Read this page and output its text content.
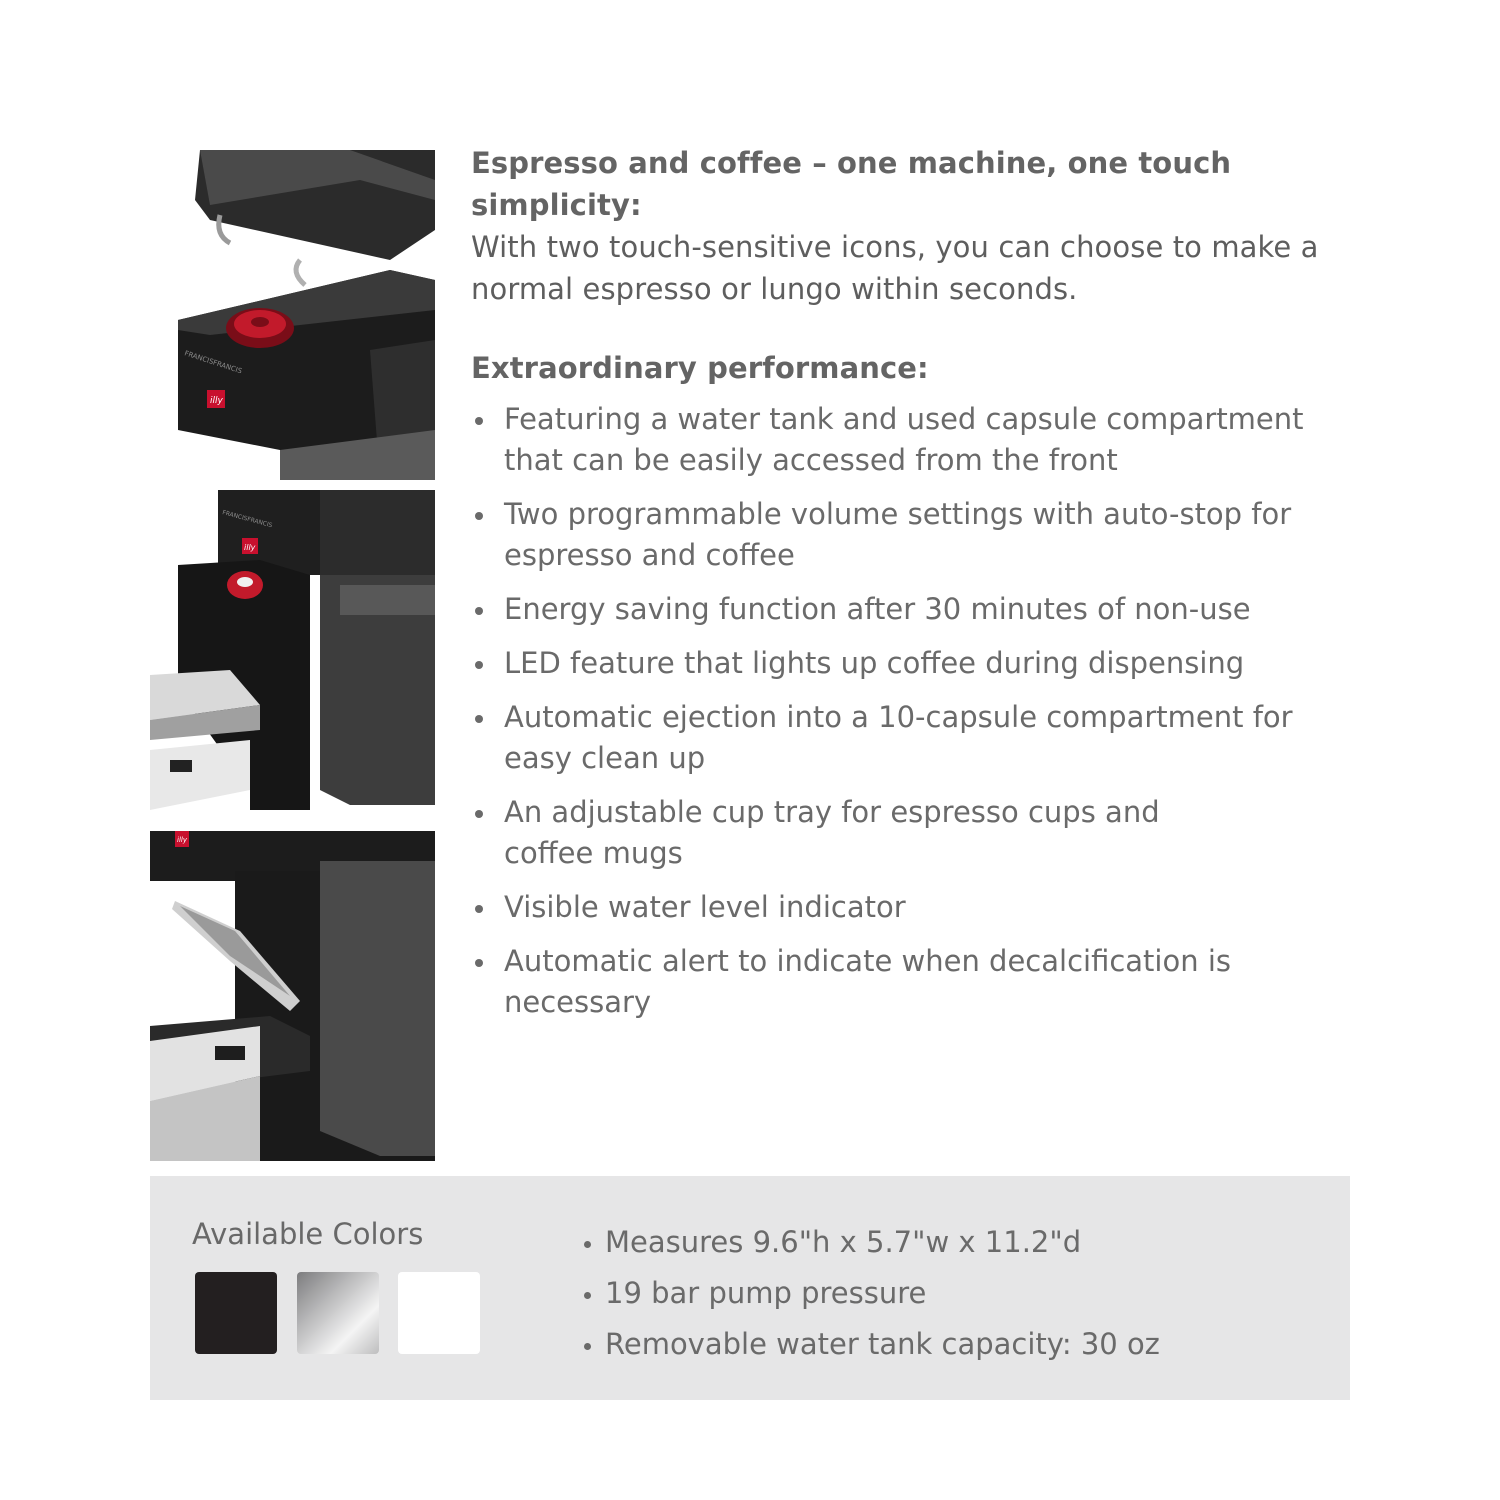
FRANCISFRANCIS
illy
illy
FRANCISFRANCIS
illy

Espresso and coffee – one machine, one touch simplicity:

With two touch-sensitive icons, you can choose to make a normal espresso or lungo within seconds.

Extraordinary performance:

Featuring a water tank and used capsule compartment that can be easily accessed from the front
Two programmable volume settings with auto-stop for espresso and coffee
Energy saving function after 30 minutes of non-use
LED feature that lights up coffee during dispensing
Automatic ejection into a 10-capsule compartment for easy clean up
An adjustable cup tray for espresso cups and coffee mugs
Visible water level indicator
Automatic alert to indicate when decalcification is necessary

Available Colors	Measures 9.6"h x 5.7"w x 11.2"d
19 bar pump pressure
Removable water tank capacity: 30 oz
